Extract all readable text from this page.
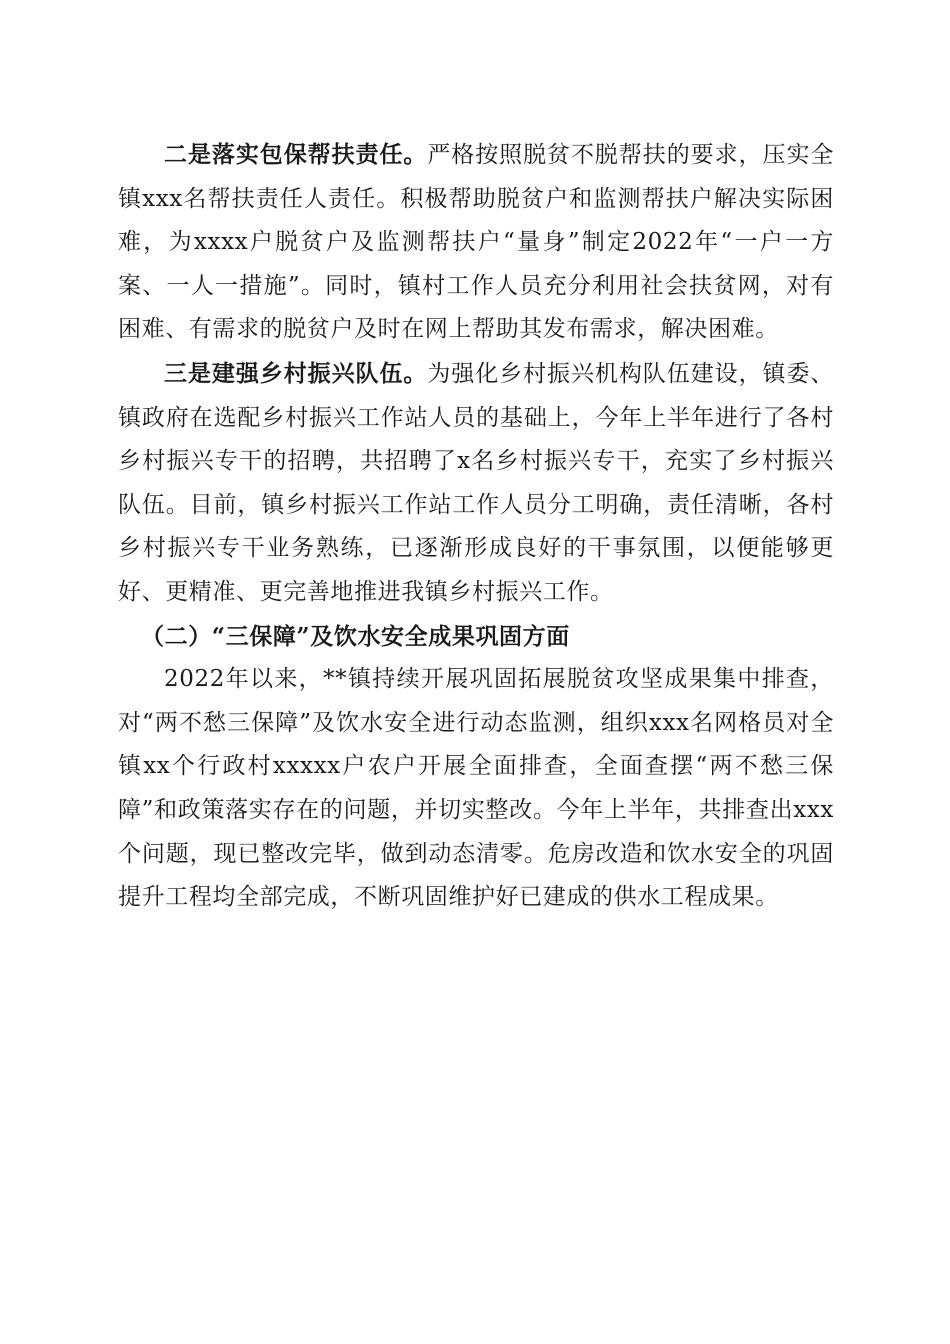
二是落实包保帮扶责任。严格按照脱贫不脱帮扶的要求，压实全镇xxx名帮扶责任人责任。积极帮助脱贫户和监测帮扶户解决实际困难，为xxxx户脱贫户及监测帮扶户“量身”制定2022年“一户一方案、一人一措施”。同时，镇村工作人员充分利用社会扶贫网，对有困难、有需求的脱贫户及时在网上帮助其发布需求，解决困难。

三是建强乡村振兴队伍。为强化乡村振兴机构队伍建设，镇委、镇政府在选配乡村振兴工作站人员的基础上，今年上半年进行了各村乡村振兴专干的招聘，共招聘了x名乡村振兴专干，充实了乡村振兴队伍。目前，镇乡村振兴工作站工作人员分工明确，责任清晰，各村乡村振兴专干业务熟练，已逐渐形成良好的干事氛围，以便能够更好、更精准、更完善地推进我镇乡村振兴工作。

（二）“三保障”及饮水安全成果巩固方面

2022年以来，**镇持续开展巩固拓展脱贫攻坚成果集中排查，对“两不愁三保障”及饮水安全进行动态监测，组织xxx名网格员对全镇xx个行政村xxxxx户农户开展全面排查，全面查摆“两不愁三保障”和政策落实存在的问题，并切实整改。今年上半年，共排查出xxx个问题，现已整改完毕，做到动态清零。危房改造和饮水安全的巩固提升工程均全部完成，不断巩固维护好已建成的供水工程成果。
